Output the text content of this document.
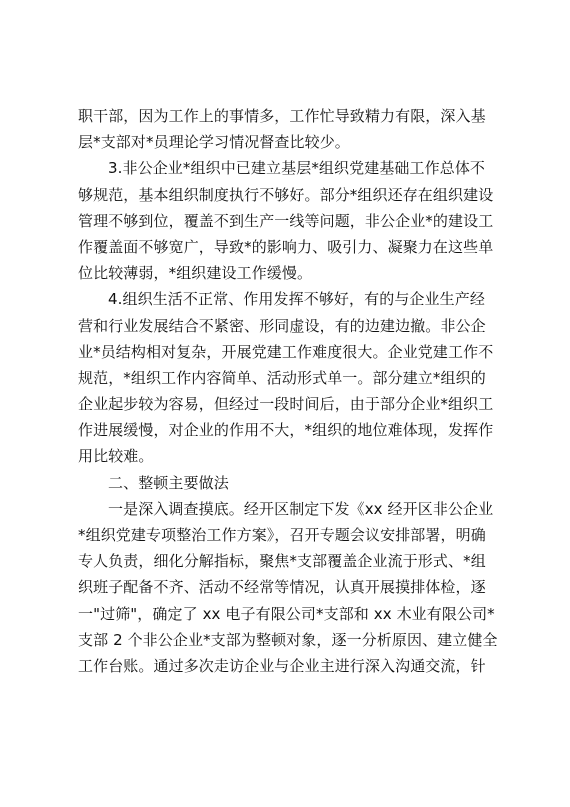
职干部，因为工作上的事情多，工作忙导致精力有限，深入基
层*支部对*员理论学习情况督查比较少。
3.非公企业*组织中已建立基层*组织党建基础工作总体不
够规范，基本组织制度执行不够好。部分*组织还存在组织建设
管理不够到位，覆盖不到生产一线等问题，非公企业*的建设工
作覆盖面不够宽广，导致*的影响力、吸引力、凝聚力在这些单
位比较薄弱，*组织建设工作缓慢。
4.组织生活不正常、作用发挥不够好，有的与企业生产经
营和行业发展结合不紧密、形同虚设，有的边建边撤。非公企
业*员结构相对复杂，开展党建工作难度很大。企业党建工作不
规范，*组织工作内容简单、活动形式单一。部分建立*组织的
企业起步较为容易，但经过一段时间后，由于部分企业*组织工
作进展缓慢，对企业的作用不大，*组织的地位难体现，发挥作
用比较难。
二、整顿主要做法
一是深入调查摸底。经开区制定下发《xx 经开区非公企业
*组织党建专项整治工作方案》，召开专题会议安排部署，明确
专人负责，细化分解指标，聚焦*支部覆盖企业流于形式、*组
织班子配备不齐、活动不经常等情况，认真开展摸排体检，逐
一"过筛"，确定了 xx 电子有限公司*支部和 xx 木业有限公司*
支部 2 个非公企业*支部为整顿对象，逐一分析原因、建立健全
工作台账。通过多次走访企业与企业主进行深入沟通交流，针
